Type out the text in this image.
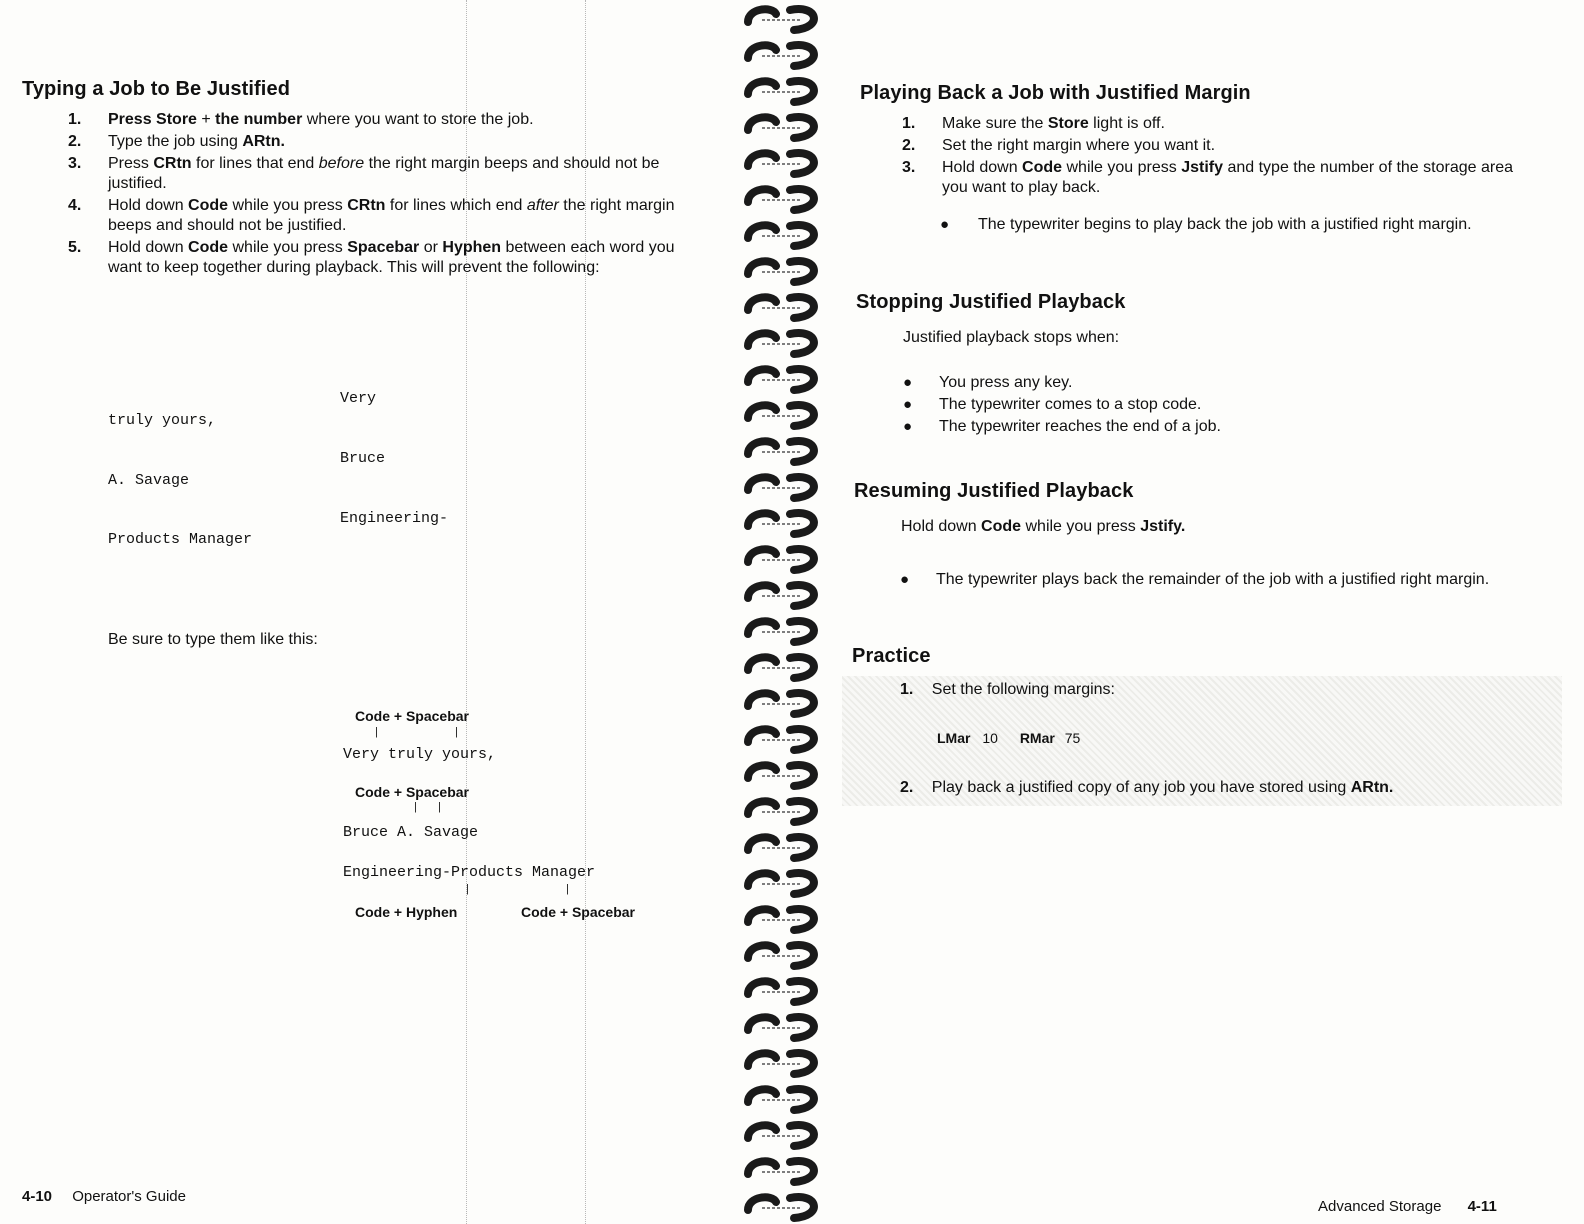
Typing a Job to Be Justified
1. Press Store + the number where you want to store the job.
2. Type the job using ARtn.
3. Press CRtn for lines that end before the right margin beeps and should not be justified.
4. Hold down Code while you press CRtn for lines which end after the right margin beeps and should not be justified.
5. Hold down Code while you press Spacebar or Hyphen between each word you want to keep together during playback. This will prevent the following:
Very
truly yours,
Bruce
A. Savage
Engineering-
Products Manager
Be sure to type them like this:
Code + Spacebar
|	|
Very truly yours,
Code + Spacebar
| |
Bruce A. Savage
Engineering-Products Manager
|	|
Code + Hyphen	Code + Spacebar
4-10 Operator's Guide
Playing Back a Job with Justified Margin
1. Make sure the Store light is off.
2. Set the right margin where you want it.
3. Hold down Code while you press Jstify and type the number of the storage area you want to play back.
● The typewriter begins to play back the job with a justified right margin.
Stopping Justified Playback
Justified playback stops when:
● You press any key.
● The typewriter comes to a stop code.
● The typewriter reaches the end of a job.
Resuming Justified Playback
Hold down Code while you press Jstify.
● The typewriter plays back the remainder of the job with a justified right margin.
Practice
1. Set the following margins:
LMar 10 RMar 75
2. Play back a justified copy of any job you have stored using ARtn.
Advanced Storage 4-11
